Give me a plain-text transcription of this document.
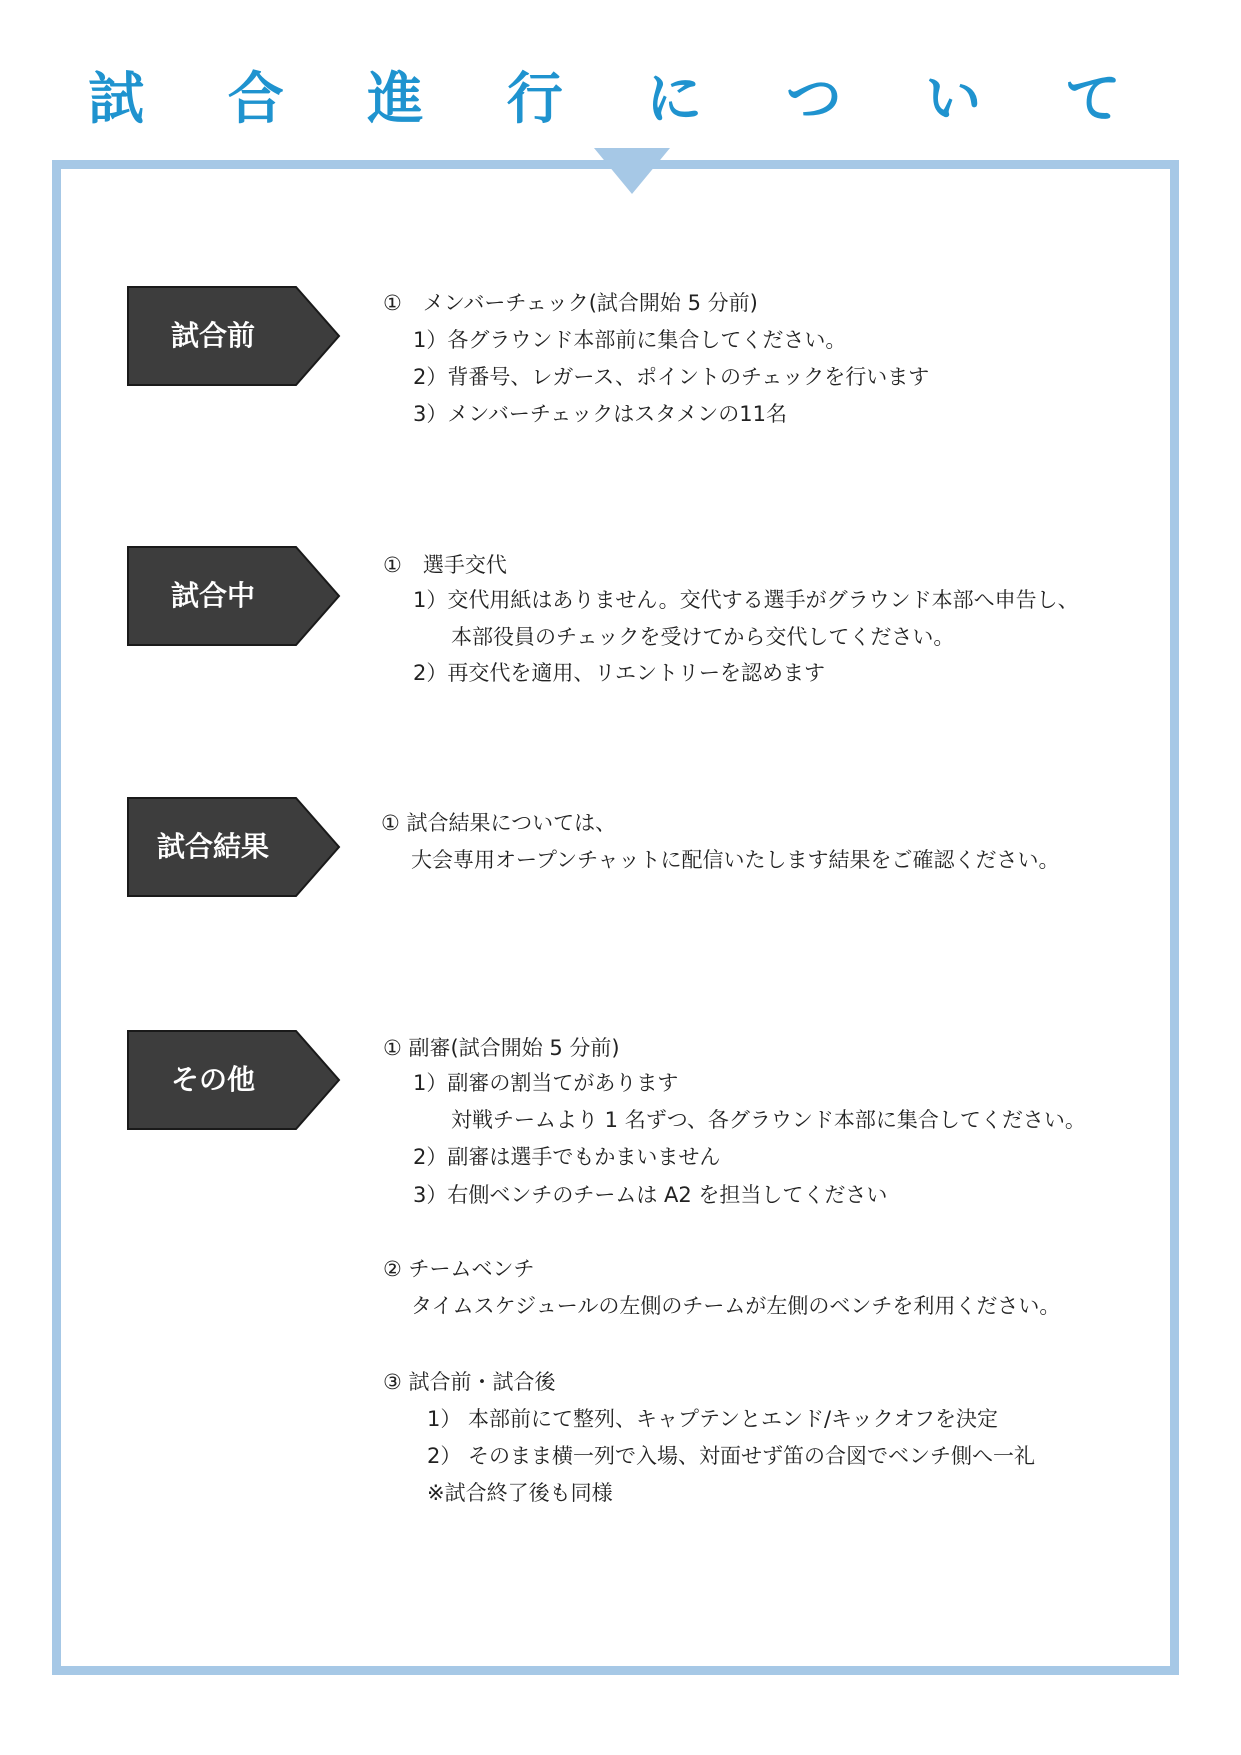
試 合 進 行 に つ い て
試合前
①　メンバーチェック(試合開始 5 分前)
1）各グラウンド本部前に集合してください。
2）背番号、レガース、ポイントのチェックを行います
3）メンバーチェックはスタメンの11名
試合中
①　選手交代
1）交代用紙はありません。交代する選手がグラウンド本部へ申告し、
本部役員のチェックを受けてから交代してください。
2）再交代を適用、リエントリーを認めます
試合結果
① 試合結果については、
大会専用オープンチャットに配信いたします結果をご確認ください。
その他
① 副審(試合開始 5 分前)
1）副審の割当てがあります
対戦チームより 1 名ずつ、各グラウンド本部に集合してください。
2）副審は選手でもかまいません
3）右側ベンチのチームは A2 を担当してください
② チームベンチ
タイムスケジュールの左側のチームが左側のベンチを利用ください。
③ 試合前・試合後
1） 本部前にて整列、キャプテンとエンド/キックオフを決定
2） そのまま横一列で入場、対面せず笛の合図でベンチ側へ一礼
※試合終了後も同様
